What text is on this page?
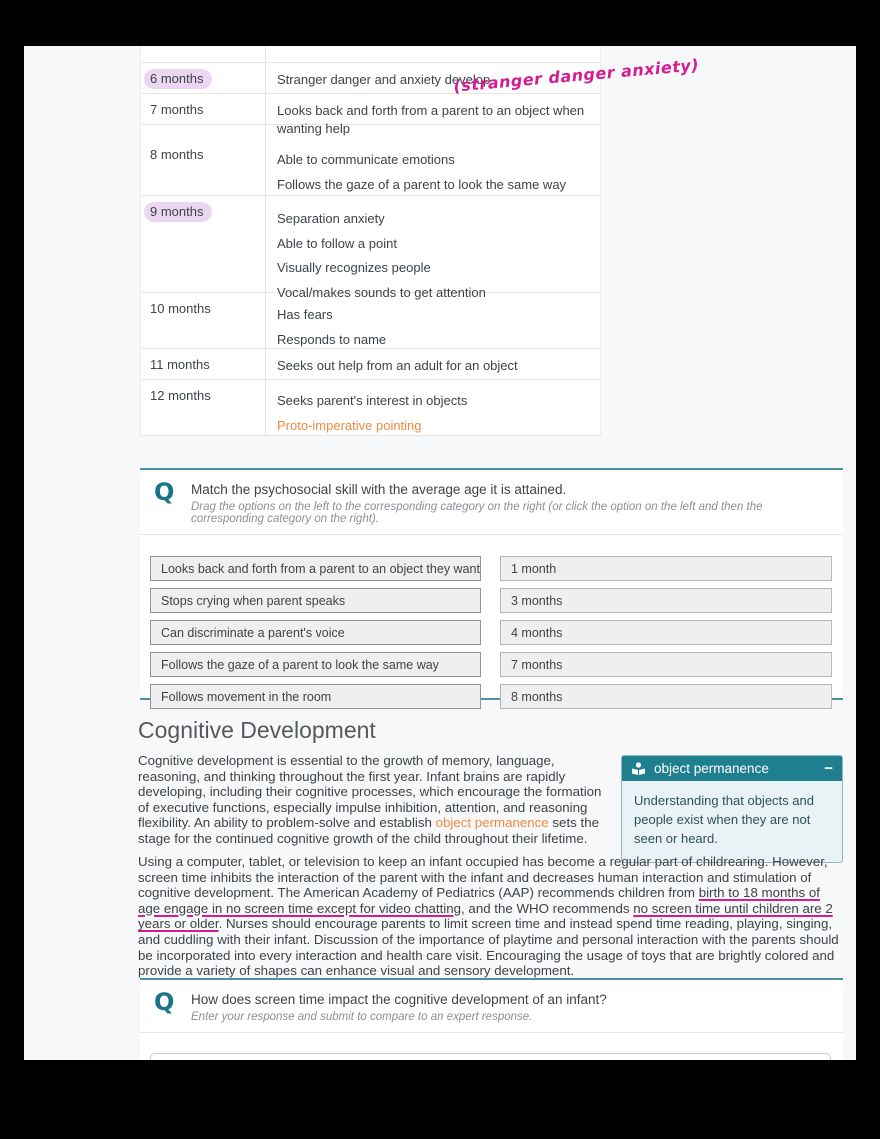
6 months	Stranger danger and anxiety develop

7 months	Looks back and forth from a parent to an object when wanting help

8 months	Able to communicate emotions

Follows the gaze of a parent to look the same way

9 months	Separation anxiety

Able to follow a point

Visually recognizes people

Vocal/makes sounds to get attention

10 months	Has fears

Responds to name

11 months	Seeks out help from an adult for an object

12 months	Seeks parent's interest in objects

Proto-imperative pointing

(stranger danger anxiety)
Q	Match the psychosocial skill with the average age it is attained.
Drag the options on the left to the corresponding category on the right (or click the option on the left and then the corresponding category on the right).
Looks back and forth from a parent to an object they want
Stops crying when parent speaks
Can discriminate a parent's voice
Follows the gaze of a parent to look the same way
Follows movement in the room
1 month
3 months
4 months
7 months
8 months
Cognitive Development

Cognitive development is essential to the growth of memory, language, reasoning, and thinking throughout the first year. Infant brains are rapidly developing, including their cognitive processes, which encourage the formation of executive functions, especially impulse inhibition, attention, and reasoning flexibility. An ability to problem-solve and establish object permanence sets the stage for the continued cognitive growth of the child throughout their lifetime.

object permanence	−
Understanding that objects and people exist when they are not seen or heard.

Using a computer, tablet, or television to keep an infant occupied has become a regular part of childrearing. However, screen time inhibits the interaction of the parent with the infant and decreases human interaction and stimulation of cognitive development. The American Academy of Pediatrics (AAP) recommends children from birth to 18 months of age engage in no screen time except for video chatting, and the WHO recommends no screen time until children are 2 years or older. Nurses should encourage parents to limit screen time and instead spend time reading, playing, singing, and cuddling with their infant. Discussion of the importance of playtime and personal interaction with the parents should be incorporated into every interaction and health care visit. Encouraging the usage of toys that are brightly colored and provide a variety of shapes can enhance visual and sensory development.

Q	How does screen time impact the cognitive development of an infant?
Enter your response and submit to compare to an expert response.
